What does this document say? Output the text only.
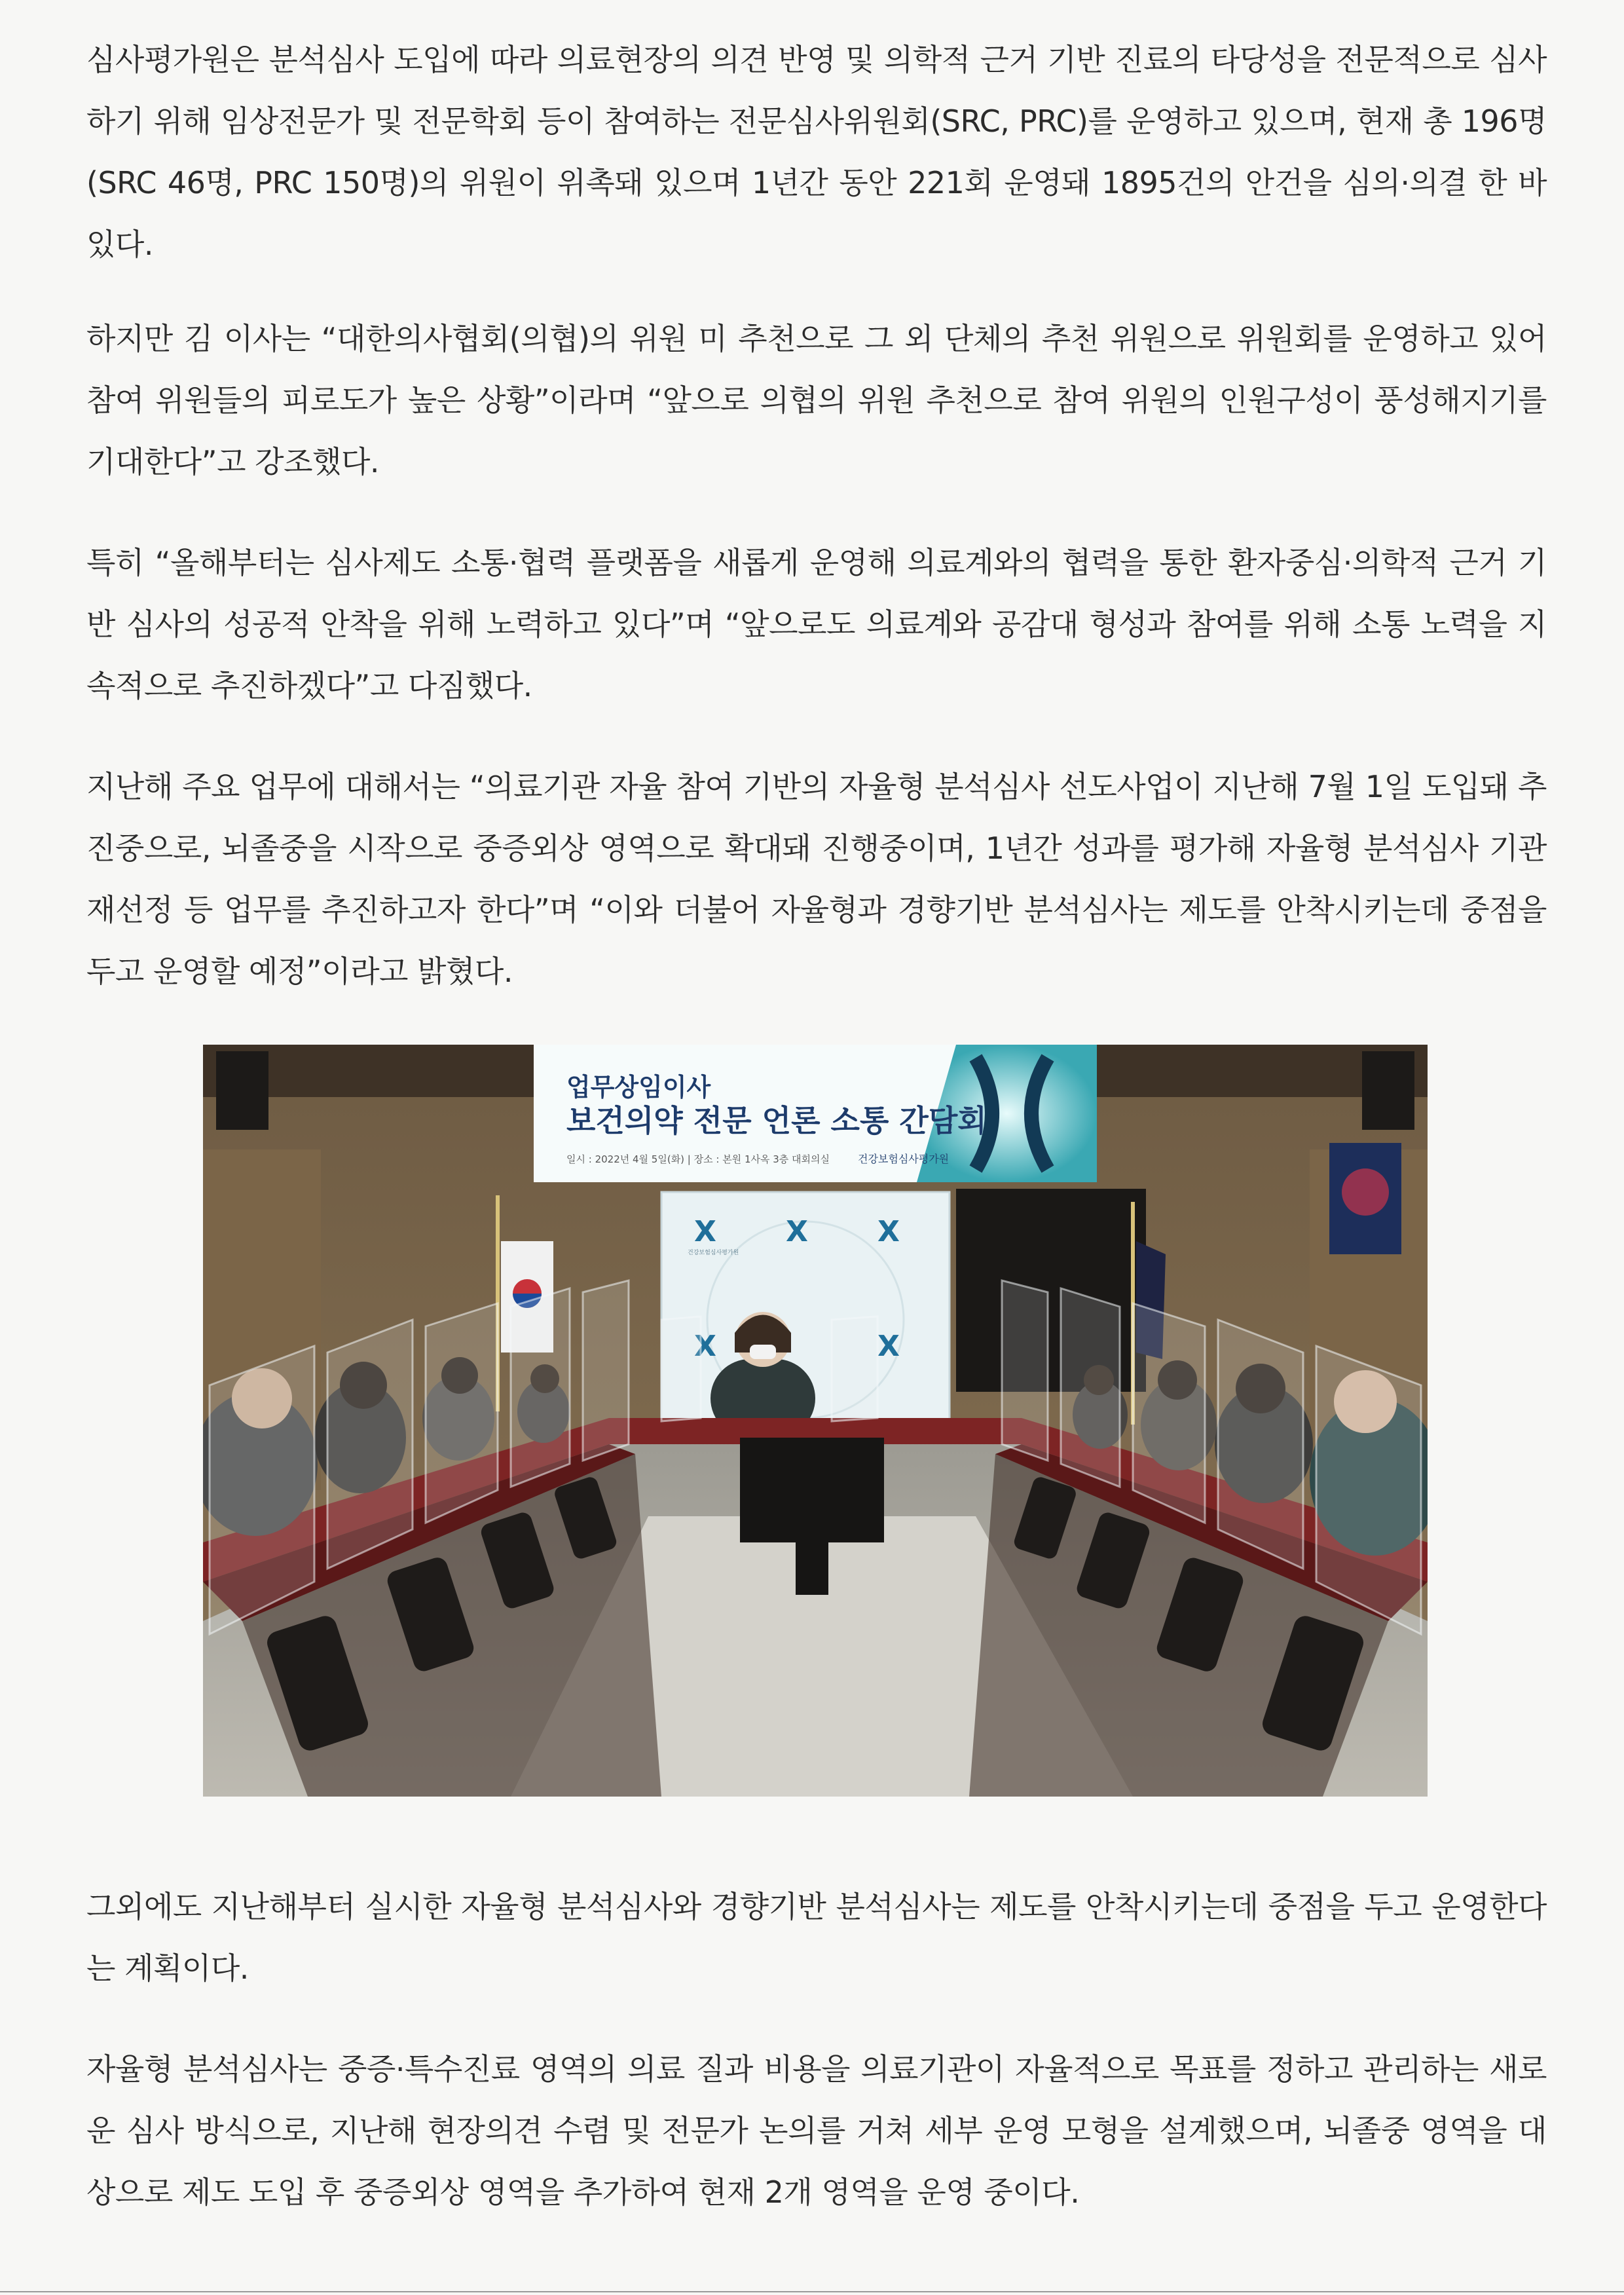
심사평가원은 분석심사 도입에 따라 의료현장의 의견 반영 및 의학적 근거 기반 진료의 타당성을 전문적으로 심사하기 위해 임상전문가 및 전문학회 등이 참여하는 전문심사위원회(SRC, PRC)를 운영하고 있으며, 현재 총 196명(SRC 46명, PRC 150명)의 위원이 위촉돼 있으며 1년간 동안 221회 운영돼 1895건의 안건을 심의·의결 한 바 있다.

하지만 김 이사는 “대한의사협회(의협)의 위원 미 추천으로 그 외 단체의 추천 위원으로 위원회를 운영하고 있어 참여 위원들의 피로도가 높은 상황”이라며 “앞으로 의협의 위원 추천으로 참여 위원의 인원구성이 풍성해지기를 기대한다”고 강조했다.

특히 “올해부터는 심사제도 소통·협력 플랫폼을 새롭게 운영해 의료계와의 협력을 통한 환자중심·의학적 근거 기반 심사의 성공적 안착을 위해 노력하고 있다”며 “앞으로도 의료계와 공감대 형성과 참여를 위해 소통 노력을 지속적으로 추진하겠다”고 다짐했다.

지난해 주요 업무에 대해서는 “의료기관 자율 참여 기반의 자율형 분석심사 선도사업이 지난해 7월 1일 도입돼 추진중으로, 뇌졸중을 시작으로 중증외상 영역으로 확대돼 진행중이며, 1년간 성과를 평가해 자율형 분석심사 기관 재선정 등 업무를 추진하고자 한다”며 “이와 더불어 자율형과 경향기반 분석심사는 제도를 안착시키는데 중점을 두고 운영할 예정”이라고 밝혔다.

업무상임이사
보건의약 전문 언론 소통 간담회
일시 : 2022년 4월 5일(화) | 장소 : 본원 1사옥 3층 대회의실	건강보험심사평가원
X X X
X	X
건강보험심사평가원

그외에도 지난해부터 실시한 자율형 분석심사와 경향기반 분석심사는 제도를 안착시키는데 중점을 두고 운영한다는 계획이다.

자율형 분석심사는 중증·특수진료 영역의 의료 질과 비용을 의료기관이 자율적으로 목표를 정하고 관리하는 새로운 심사 방식으로, 지난해 현장의견 수렴 및 전문가 논의를 거쳐 세부 운영 모형을 설계했으며, 뇌졸중 영역을 대상으로 제도 도입 후 중증외상 영역을 추가하여 현재 2개 영역을 운영 중이다.
